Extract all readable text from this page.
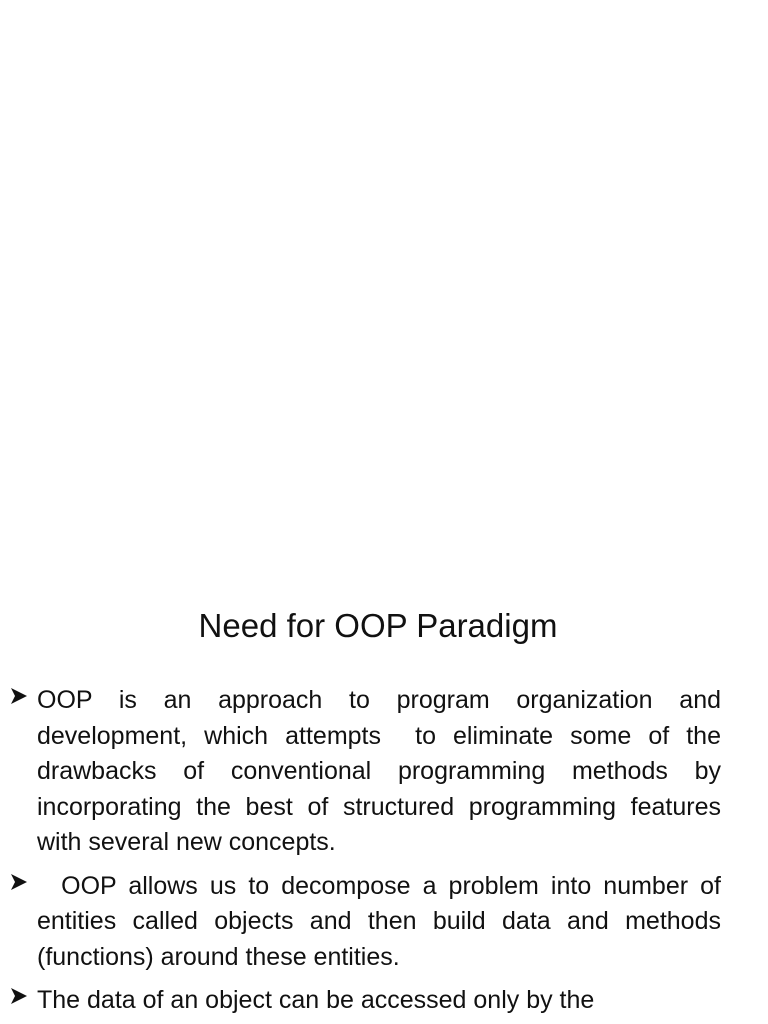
Need for OOP Paradigm
OOP is an approach to program organization and development, which attempts  to eliminate some of the drawbacks of conventional programming methods by incorporating the best of structured programming features with several new concepts.
OOP allows us to decompose a problem into number of entities called objects and then build data and methods (functions) around these entities.
The data of an object can be accessed only by the
